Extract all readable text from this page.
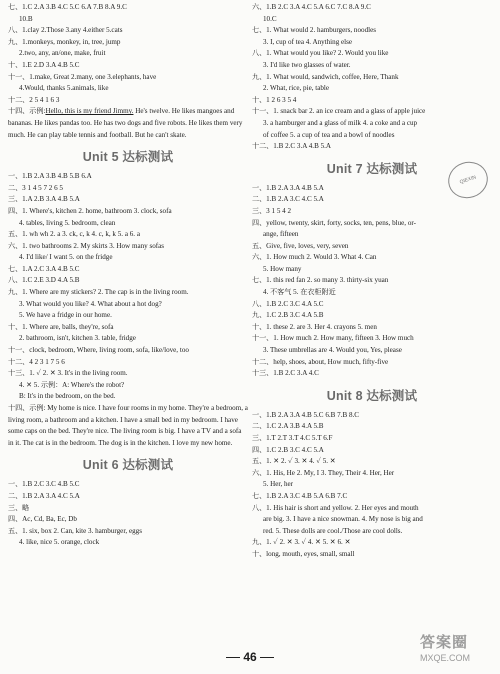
七、1.C 2.A 3.B 4.C 5.C 6.A 7.B 8.A 9.C
10.B
八、1.clay 2.Those 3.any 4.either 5.cats
九、1.monkeys, monkey, in, tree, jump
2.two, any, an/one, make, fruit
十、1.E 2.D 3.A 4.B 5.C
十一、1.make, Great 2.many, one 3.elephants, have
4.Would, thanks 5.animals, like
十二、2 5 4 1 6 3
十四、示例:Hello, this is my friend Jimmy. He's twelve. He likes mangoes and bananas. He likes pandas too. He has two dogs and five robots. He likes them very much. He can play table tennis and football. But he can't skate.
Unit 5 达标测试
一、1.B 2.A 3.B 4.B 5.B 6.A
二、3 1 4 5 7 2 6 5
三、1.A 2.B 3.A 4.B 5.A
四、1. Where's, kitchen 2. home, bathroom 3. clock, sofa
4. tables, living 5. bedroom, clean
五、1. wh wh 2. a 3. ck, c, k 4. c, k, k 5. a 6. a
六、1. two bathrooms 2. My skirts 3. How many sofas
4. I'd like/ I want 5. on the fridge
七、1.A 2.C 3.A 4.B 5.C
八、1.C 2.E 3.D 4.A 5.B
九、1. Where are my stickers? 2. The cap is in the living room.
3. What would you like? 4. What about a hot dog?
5. We have a fridge in our home.
十、1. Where are, balls, they're, sofa
2. bathroom, isn't, kitchen 3. table, fridge
十一、clock, bedroom, Where, living room, sofa, like/love, too
十二、4 2 3 1 7 5 6
十三、1. ✓ 2. ✕ 3. It's in the living room.
4. ✕ 5. 示例：A: Where's the robot?
B: It's in the bedroom, on the bed.
十四、示例: My home is nice. I have four rooms in my home. They're a bedroom, a living room, a bathroom and a kitchen. I have a small bed in my bedroom. I have some caps on the bed. They're nice. The living room is big. I have a TV and a sofa in it. The cat is in the bedroom. The dog is in the kitchen. I love my new home.
Unit 6 达标测试
一、1.B 2.C 3.C 4.B 5.C
二、1.B 2.A 3.A 4.C 5.A
三、略
四、Ac, Cd, Ba, Ec, Db
五、1. six, box 2. Can, kite 3. hamburger, eggs
4. like, nice 5. orange, clock
六、1.B 2.C 3.A 4.C 5.A 6.C 7.C 8.A 9.C
10.C
七、1. What would 2. hamburgers, noodles
3. I, cup of tea 4. Anything else
八、1. What would you like? 2. Would you like
3. I'd like two glasses of water.
九、1. What would, sandwich, coffee, Here, Thank
2. What, rice, pie, table
十、1 2 6 3 5 4
十一、1. snack bar 2. an ice cream and a glass of apple juice
3. a hamburger and a glass of milk 4. a coke and a cup
of coffee 5. a cup of tea and a bowl of noodles
十二、1.B 2.C 3.A 4.B 5.A
Unit 7 达标测试
一、1.B 2.A 3.A 4.B 5.A
二、1.B 2.A 3.C 4.C 5.A
三、3 1 5 4 2
四、yellow, twenty, skirt, forty, socks, ten, pens, blue, or-
ange, fifteen
五、Give, five, loves, very, seven
六、1. How much 2. Would 3. What 4. Can
5. How many
七、1. this red fan 2. so many 3. thirty-six yuan
4. 不客气 5. 在衣柜附近
八、1.B 2.C 3.C 4.A 5.C
九、1.C 2.B 3.C 4.A 5.B
十、1. these 2. are 3. Her 4. crayons 5. men
十一、1. How much 2. How many, fifteen 3. How much
3. These umbrellas are 4. Would you, Yes, please
十二、help, shoes, about, How much, fifty-five
十三、1.B 2.C 3.A 4.C
Unit 8 达标测试
一、1.B 2.A 3.A 4.B 5.C 6.B 7.B 8.C
二、1.C 2.A 3.B 4.A 5.B
三、1.T 2.T 3.T 4.C 5.T 6.F
四、1.C 2.B 3.C 4.C 5.A
五、1. ✕ 2. ✓ 3. ✕ 4. ✓ 5. ✕
六、1. His, He 2. My, I 3. They, Their 4. Her, Her
5. Her, her
七、1.B 2.A 3.C 4.B 5.A 6.B 7.C
八、1. His hair is short and yellow. 2. Her eyes and mouth
are big. 3. I have a nice snowman. 4. My nose is big and
red. 5. These dolls are cool./Those are cool dolls.
九、1. ✓ 2. ✕ 3. ✓ 4. ✕ 5. ✕ 6. ✕
十、long, mouth, eyes, small, small
QIEXIN
46
答案圈
MXQE.COM
